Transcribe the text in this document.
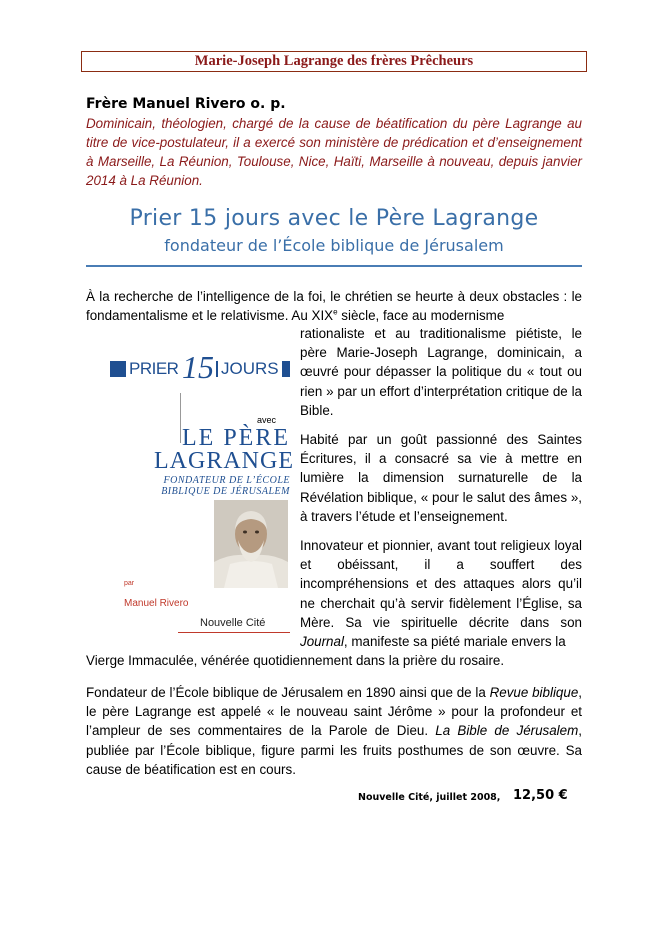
Marie-Joseph Lagrange des frères Prêcheurs
Frère Manuel Rivero o. p.
Dominicain, théologien, chargé de la cause de béatification du père Lagrange au titre de vice-postulateur, il a exercé son ministère de prédication et d’enseignement à Marseille, La Réunion, Toulouse, Nice, Haïti, Marseille à nouveau, depuis janvier 2014 à La Réunion.
Prier 15 jours avec le Père Lagrange
fondateur de l’École biblique de Jérusalem
À la recherche de l’intelligence de la foi, le chrétien se heurte à deux obstacles : le fondamentalisme et le relativisme. Au XIXe siècle, face au modernisme
rationaliste et au traditionalisme piétiste, le père Marie-Joseph Lagrange, dominicain, a œuvré pour dépasser la politique du « tout ou rien » par un effort d’interprétation critique de la Bible.
Habité par un goût passionné des Saintes Écritures, il a consacré sa vie à mettre en lumière la dimension surnaturelle de la Révélation biblique, « pour le salut des âmes », à travers l’étude et l’enseignement.
Innovateur et pionnier, avant tout religieux loyal et obéissant, il a souffert des incompréhensions et des attaques alors qu’il ne cherchait qu’à servir fidèlement l’Église, sa Mère. Sa vie spirituelle décrite dans son Journal, manifeste sa piété mariale envers la
Vierge Immaculée, vénérée quotidiennement dans la prière du rosaire.
Fondateur de l’École biblique de Jérusalem en 1890 ainsi que de la Revue biblique, le père Lagrange est appelé « le nouveau saint Jérôme » pour la profondeur et l’ampleur de ses commentaires de la Parole de Dieu. La Bible de Jérusalem, publiée par l’École biblique, figure parmi les fruits posthumes de son œuvre. Sa cause de béatification est en cours.
Nouvelle Cité, juillet 2008, 12,50 €
PRIER 15 JOURS
avec
LE PÈRE
LAGRANGE
FONDATEUR DE L’ÉCOLE
BIBLIQUE DE JÉRUSALEM
par
Manuel Rivero
Nouvelle Cité
